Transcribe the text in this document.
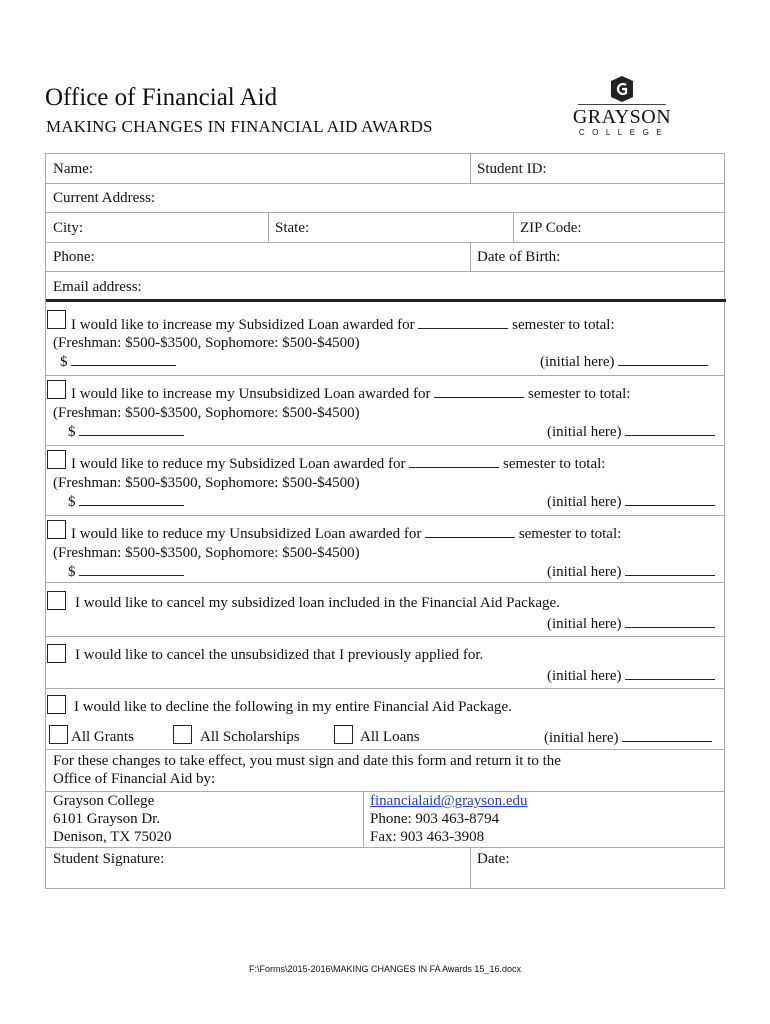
Office of Financial Aid
MAKING CHANGES IN FINANCIAL AID AWARDS	GRAYSON
COLLEGE
Name:	Student ID:
Current Address:
City:	State:	ZIP Code:
Phone:	Date of Birth:
Email address:
I would like to increase my Subsidized Loan awarded for	semester to total:
(Freshman: $500-$3500, Sophomore: $500-$4500)
$	(initial here)
I would like to increase my Unsubsidized Loan awarded for	semester to total:
(Freshman: $500-$3500, Sophomore: $500-$4500)
$	(initial here)
I would like to reduce my Subsidized Loan awarded for	semester to total:
(Freshman: $500-$3500, Sophomore: $500-$4500)
$	(initial here)
I would like to reduce my Unsubsidized Loan awarded for	semester to total:
(Freshman: $500-$3500, Sophomore: $500-$4500)
$	(initial here)
I would like to cancel my subsidized loan included in the Financial Aid Package.
(initial here)
I would like to cancel the unsubsidized that I previously applied for.
(initial here)
I would like to decline the following in my entire Financial Aid Package.
All Grants	All Scholarships	All Loans	(initial here)
For these changes to take effect, you must sign and date this form and return it to the
Office of Financial Aid by:
Grayson College
6101 Grayson Dr.
Denison, TX 75020
financialaid@grayson.edu
Phone: 903 463-8794
Fax: 903 463-3908
Student Signature:	Date:
F:\Forms\2015-2016\MAKING CHANGES IN FA Awards 15_16.docx
